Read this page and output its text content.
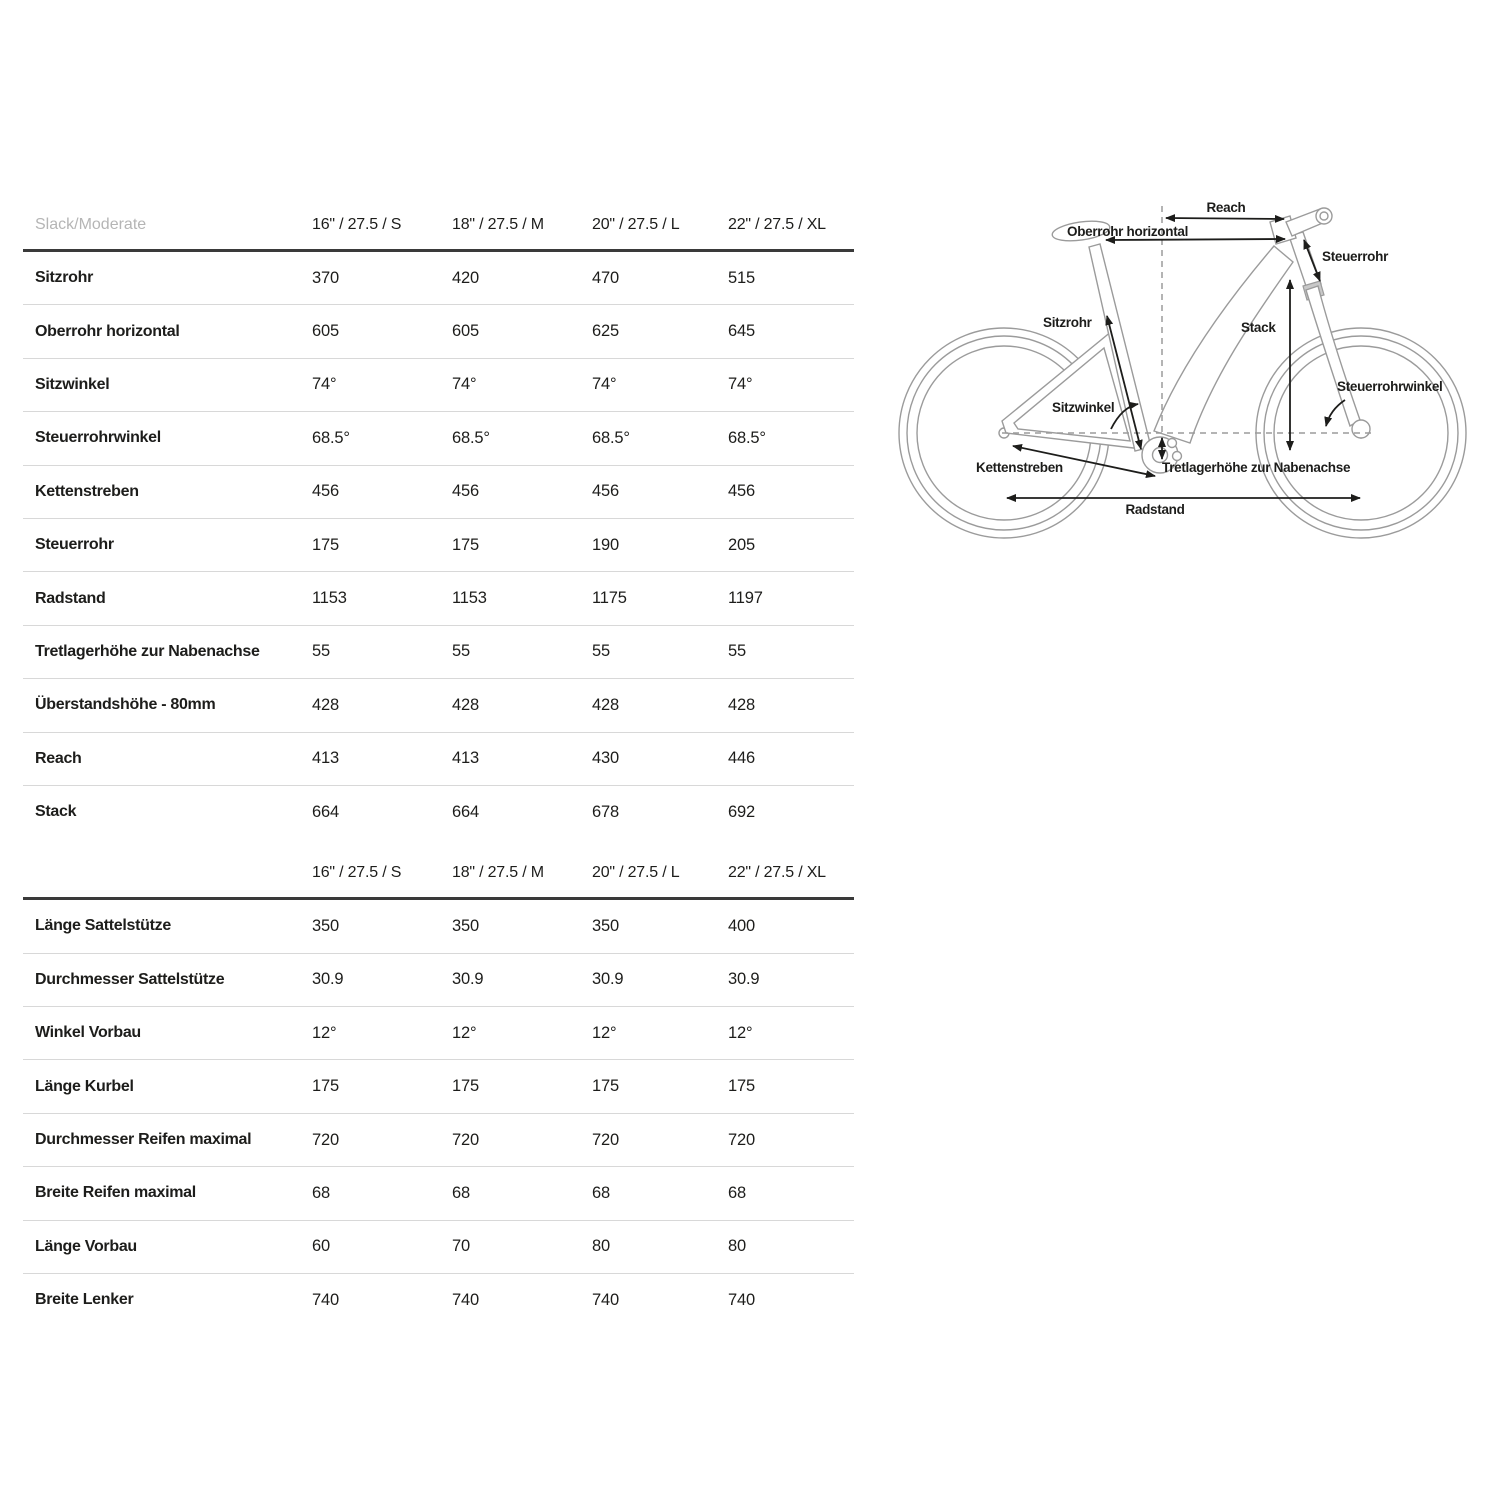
Slack/Moderate	16" / 27.5 / S	18" / 27.5 / M	20" / 27.5 / L	22" / 27.5 / XL
Sitzrohr	370	420	470	515
Oberrohr horizontal	605	605	625	645
Sitzwinkel	74°	74°	74°	74°
Steuerrohrwinkel	68.5°	68.5°	68.5°	68.5°
Kettenstreben	456	456	456	456
Steuerrohr	175	175	190	205
Radstand	1153	1153	1175	1197
Tretlagerhöhe zur Nabenachse	55	55	55	55
Überstandshöhe - 80mm	428	428	428	428
Reach	413	413	430	446
Stack	664	664	678	692
16" / 27.5 / S	18" / 27.5 / M	20" / 27.5 / L	22" / 27.5 / XL
Länge Sattelstütze	350	350	350	400
Durchmesser Sattelstütze	30.9	30.9	30.9	30.9
Winkel Vorbau	12°	12°	12°	12°
Länge Kurbel	175	175	175	175
Durchmesser Reifen maximal	720	720	720	720
Breite Reifen maximal	68	68	68	68
Länge Vorbau	60	70	80	80
Breite Lenker	740	740	740	740
Reach
Oberrohr horizontal
Steuerrohr
Sitzrohr	Stack
Steuerrohrwinkel
Sitzwinkel
Kettenstreben	Tretlagerhöhe zur Nabenachse
Radstand
